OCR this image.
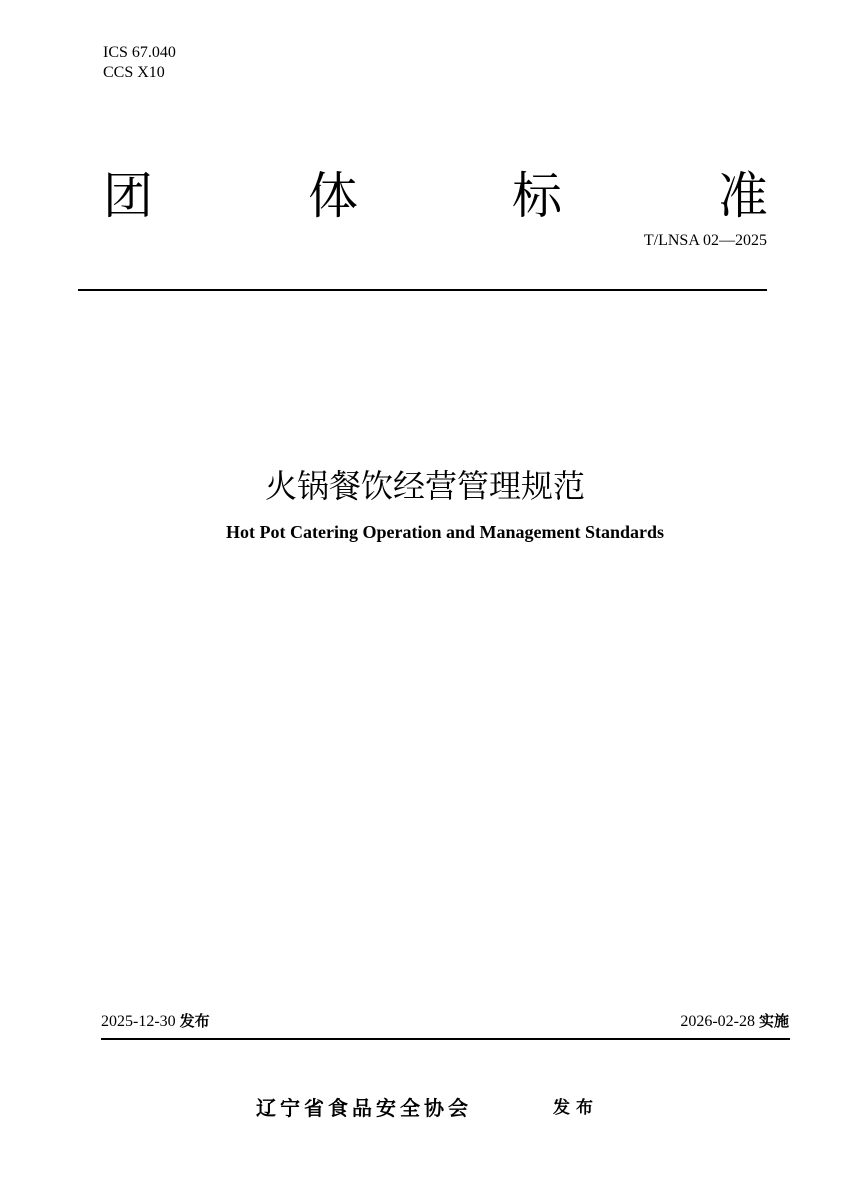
ICS 67.040
CCS X10
团	体	标	准
T/LNSA 02—2025
火锅餐饮经营管理规范
Hot Pot Catering Operation and Management Standards
2025-12-30 发布	2026-02-28 实施
辽宁省食品安全协会	发布
